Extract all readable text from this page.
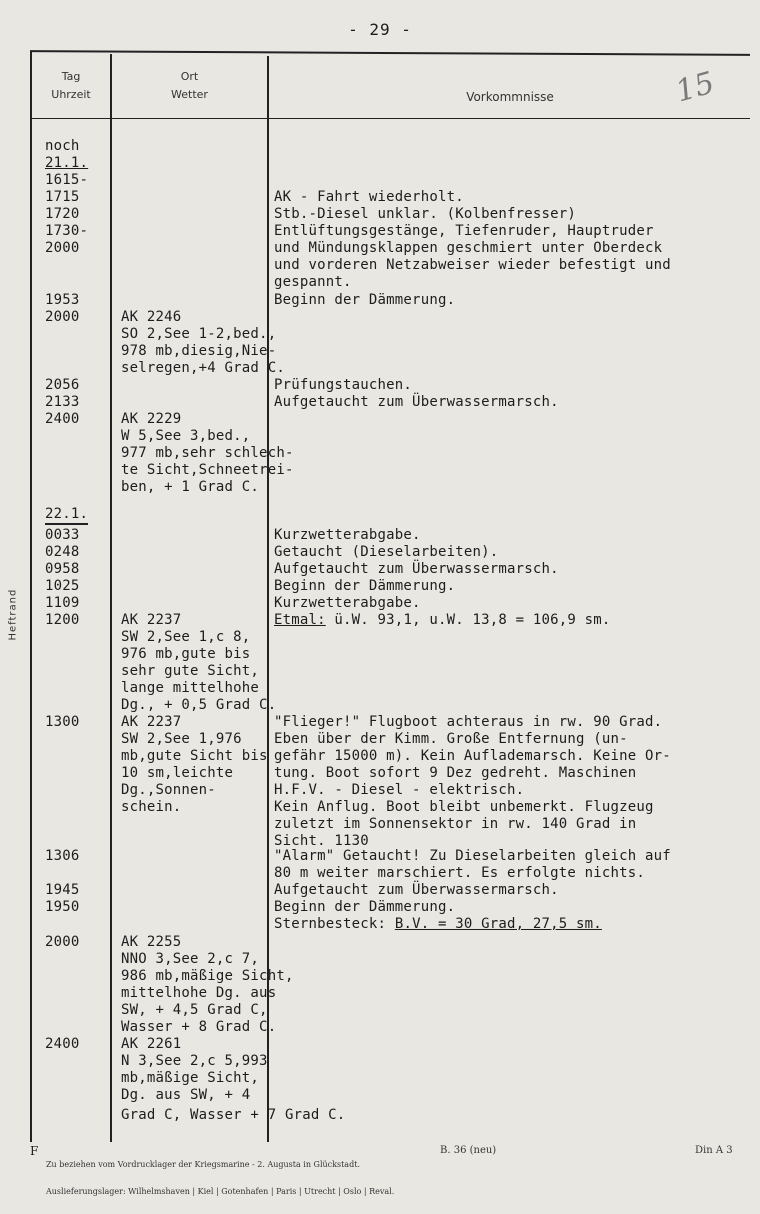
- 29 -
15
Heftrand
Tag
Uhrzeit
Ort
Wetter	Vorkommnisse
noch
21.1.
1615-
1715
1720
1730-
2000
1953
2000
2056
2133
2400
22.1.
0033
0248
0958
1025
1109
1200
1300
1306
1945
1950
2000
2400
AK 2246
SO 2,See 1-2,bed.,
978 mb,diesig,Nie-
selregen,+4 Grad C.
AK 2229
W 5,See 3,bed.,
977 mb,sehr schlech-
te Sicht,Schneetrei-
ben, + 1 Grad C.
AK 2237
SW 2,See 1,c 8,
976 mb,gute bis
sehr gute Sicht,
lange mittelhohe
Dg., + 0,5 Grad C.
AK 2237
SW 2,See 1,976
mb,gute Sicht bis
10 sm,leichte
Dg.,Sonnen-
schein.
AK 2255
NNO 3,See 2,c 7,
986 mb,mäßige Sicht,
mittelhohe Dg. aus
SW, + 4,5 Grad C,
Wasser + 8 Grad C.
AK 2261
N 3,See 2,c 5,993
mb,mäßige Sicht,
Dg. aus SW, + 4
Grad C, Wasser + 7 Grad C.
AK - Fahrt wiederholt.
Stb.-Diesel unklar. (Kolbenfresser)
Entlüftungsgestänge, Tiefenruder, Hauptruder
und Mündungsklappen geschmiert unter Oberdeck
und vorderen Netzabweiser wieder befestigt und
gespannt.
Beginn der Dämmerung.
Prüfungstauchen.
Aufgetaucht zum Überwassermarsch.
Kurzwetterabgabe.
Getaucht (Dieselarbeiten).
Aufgetaucht zum Überwassermarsch.
Beginn der Dämmerung.
Kurzwetterabgabe.
Etmal: ü.W. 93,1, u.W. 13,8 = 106,9 sm.
"Flieger!" Flugboot achteraus in rw. 90 Grad.
Eben über der Kimm. Große Entfernung (un-
gefähr 15000 m). Kein Auflademarsch. Keine Or-
tung. Boot sofort 9 Dez gedreht. Maschinen
H.F.V. - Diesel - elektrisch.
Kein Anflug. Boot bleibt unbemerkt. Flugzeug
zuletzt im Sonnensektor in rw. 140 Grad in
Sicht. 1130
"Alarm" Getaucht! Zu Dieselarbeiten gleich auf
80 m weiter marschiert. Es erfolgte nichts.
Aufgetaucht zum Überwassermarsch.
Beginn der Dämmerung.
Sternbesteck: B.V. = 30 Grad, 27,5 sm.
F

Zu beziehen vom Vordrucklager der Kriegsmarine - 2. Augusta in Glückstadt.

Auslieferungslager: Wilhelmshaven | Kiel | Gotenhafen | Paris | Utrecht | Oslo | Reval.

B. 36 (neu)	Din A 3
